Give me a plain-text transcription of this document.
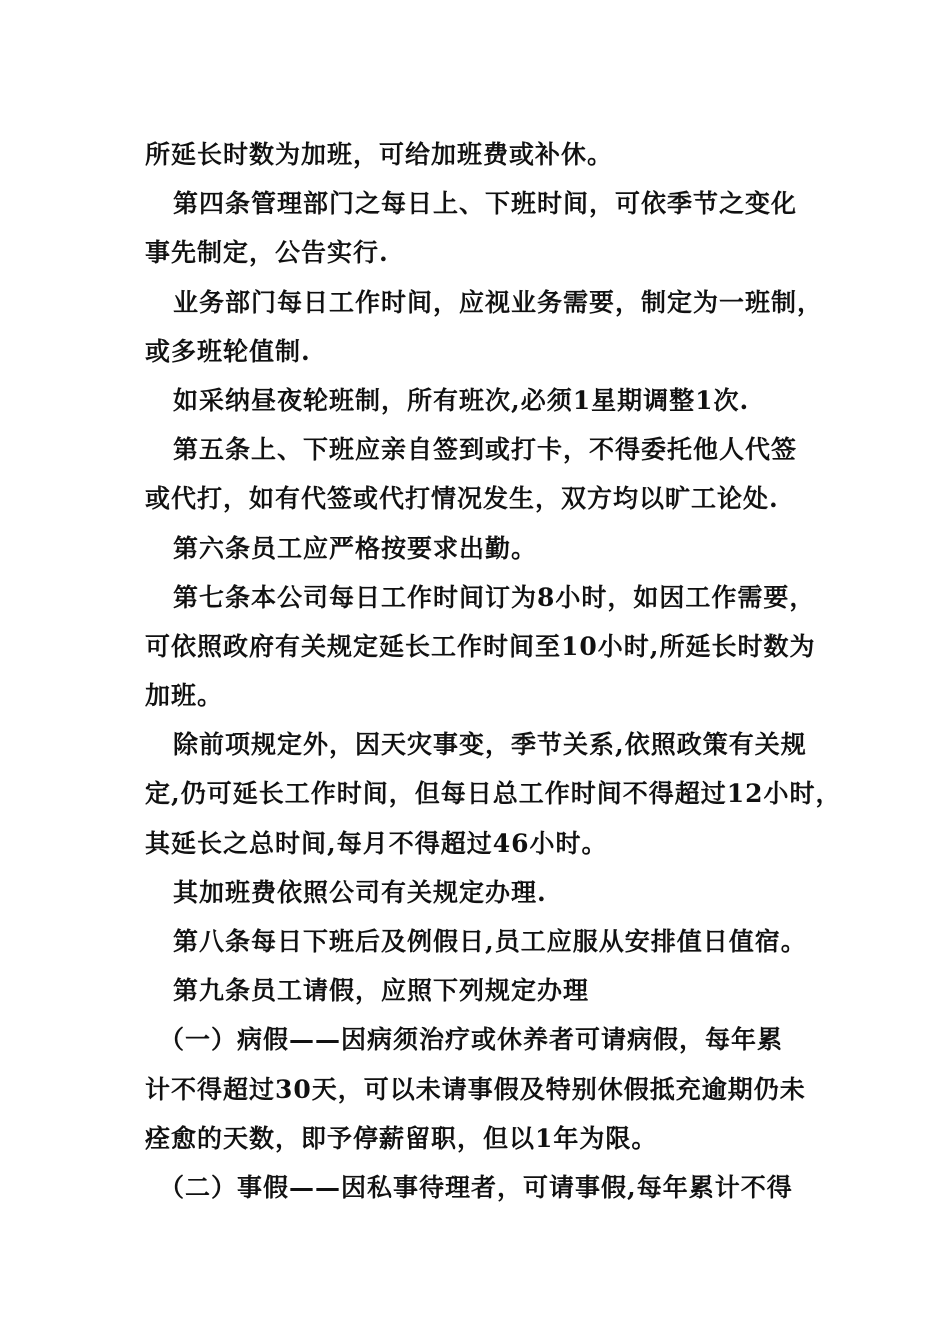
所延长时数为加班，可给加班费或补休。
第四条管理部门之每日上、下班时间，可依季节之变化
事先制定，公告实行.
业务部门每日工作时间，应视业务需要，制定为一班制，
或多班轮值制.
如采纳昼夜轮班制，所有班次,必须1星期调整1次.
第五条上、下班应亲自签到或打卡，不得委托他人代签
或代打，如有代签或代打情况发生，双方均以旷工论处.
第六条员工应严格按要求出勤。
第七条本公司每日工作时间订为8小时，如因工作需要，
可依照政府有关规定延长工作时间至10小时,所延长时数为
加班。
除前项规定外，因天灾事变，季节关系,依照政策有关规
定,仍可延长工作时间，但每日总工作时间不得超过12小时，
其延长之总时间,每月不得超过46小时。
其加班费依照公司有关规定办理.
第八条每日下班后及例假日,员工应服从安排值日值宿。
第九条员工请假，应照下列规定办理
（一）病假——因病须治疗或休养者可请病假，每年累
计不得超过30天，可以未请事假及特别休假抵充逾期仍未
痊愈的天数，即予停薪留职，但以1年为限。
（二）事假——因私事待理者，可请事假,每年累计不得
